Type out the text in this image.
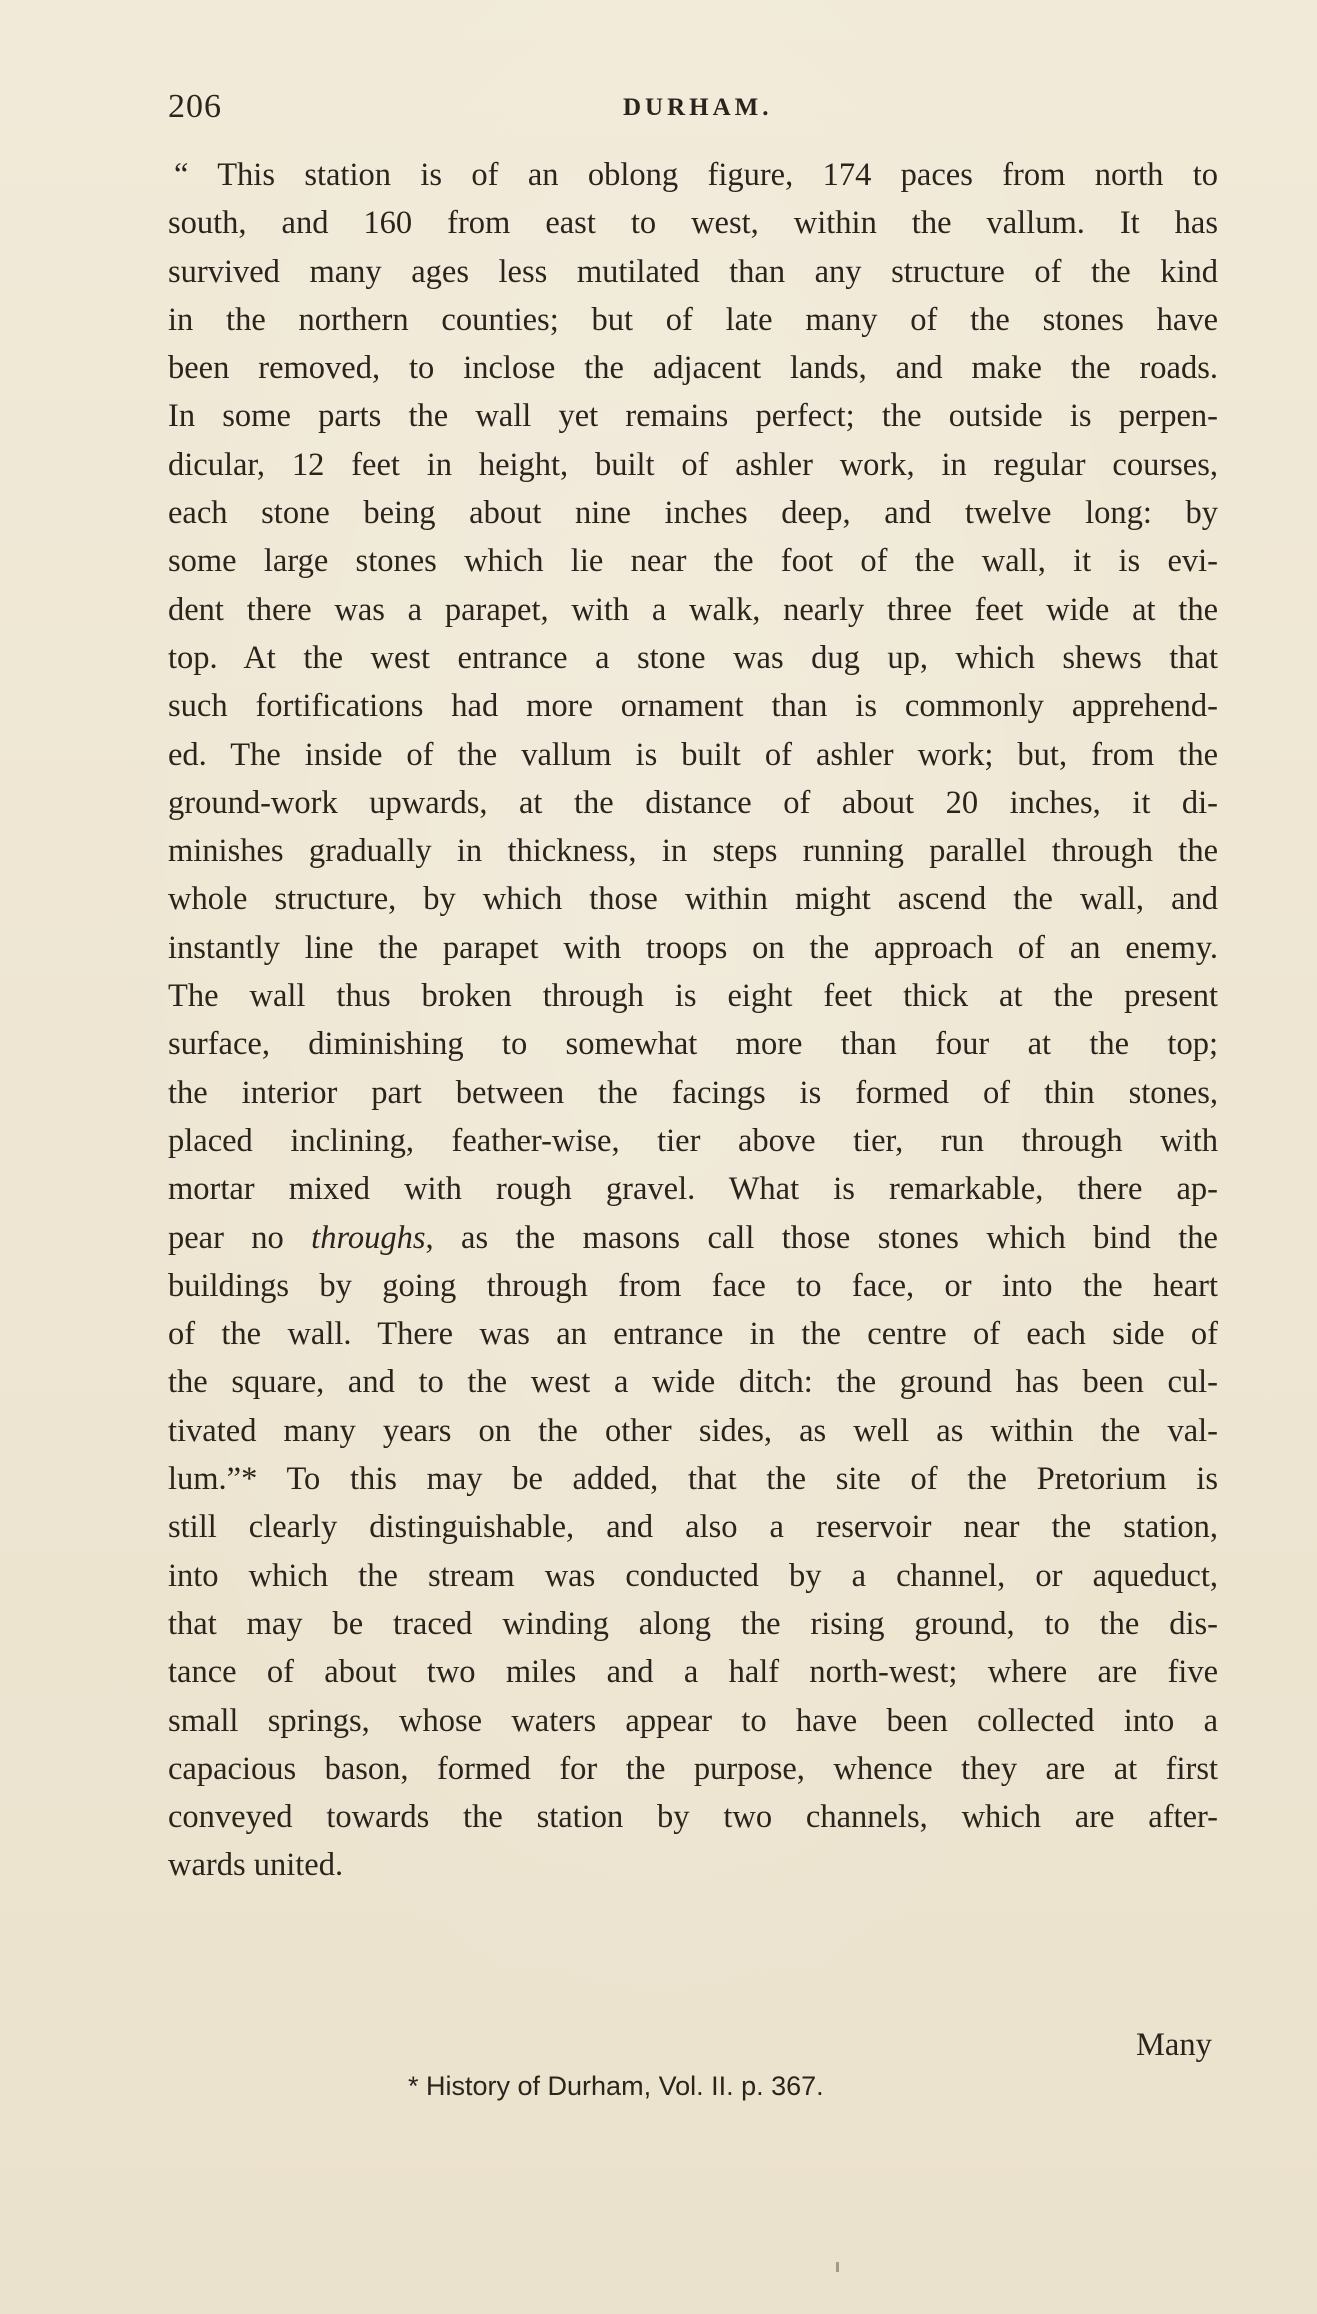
206	DURHAM.
“ This station is of an oblong figure, 174 paces from north to
south, and 160 from east to west, within the vallum. It has
survived many ages less mutilated than any structure of the kind
in the northern counties; but of late many of the stones have
been removed, to inclose the adjacent lands, and make the roads.
In some parts the wall yet remains perfect; the outside is perpen-
dicular, 12 feet in height, built of ashler work, in regular courses,
each stone being about nine inches deep, and twelve long: by
some large stones which lie near the foot of the wall, it is evi-
dent there was a parapet, with a walk, nearly three feet wide at the
top. At the west entrance a stone was dug up, which shews that
such fortifications had more ornament than is commonly apprehend-
ed. The inside of the vallum is built of ashler work; but, from the
ground-work upwards, at the distance of about 20 inches, it di-
minishes gradually in thickness, in steps running parallel through the
whole structure, by which those within might ascend the wall, and
instantly line the parapet with troops on the approach of an enemy.
The wall thus broken through is eight feet thick at the present
surface, diminishing to somewhat more than four at the top;
the interior part between the facings is formed of thin stones,
placed inclining, feather-wise, tier above tier, run through with
mortar mixed with rough gravel. What is remarkable, there ap-
pear no throughs, as the masons call those stones which bind the
buildings by going through from face to face, or into the heart
of the wall. There was an entrance in the centre of each side of
the square, and to the west a wide ditch: the ground has been cul-
tivated many years on the other sides, as well as within the val-
lum.”* To this may be added, that the site of the Pretorium is
still clearly distinguishable, and also a reservoir near the station,
into which the stream was conducted by a channel, or aqueduct,
that may be traced winding along the rising ground, to the dis-
tance of about two miles and a half north-west; where are five
small springs, whose waters appear to have been collected into a
capacious bason, formed for the purpose, whence they are at first
conveyed towards the station by two channels, which are after-
wards united.
Many
* History of Durham, Vol. II. p. 367.
